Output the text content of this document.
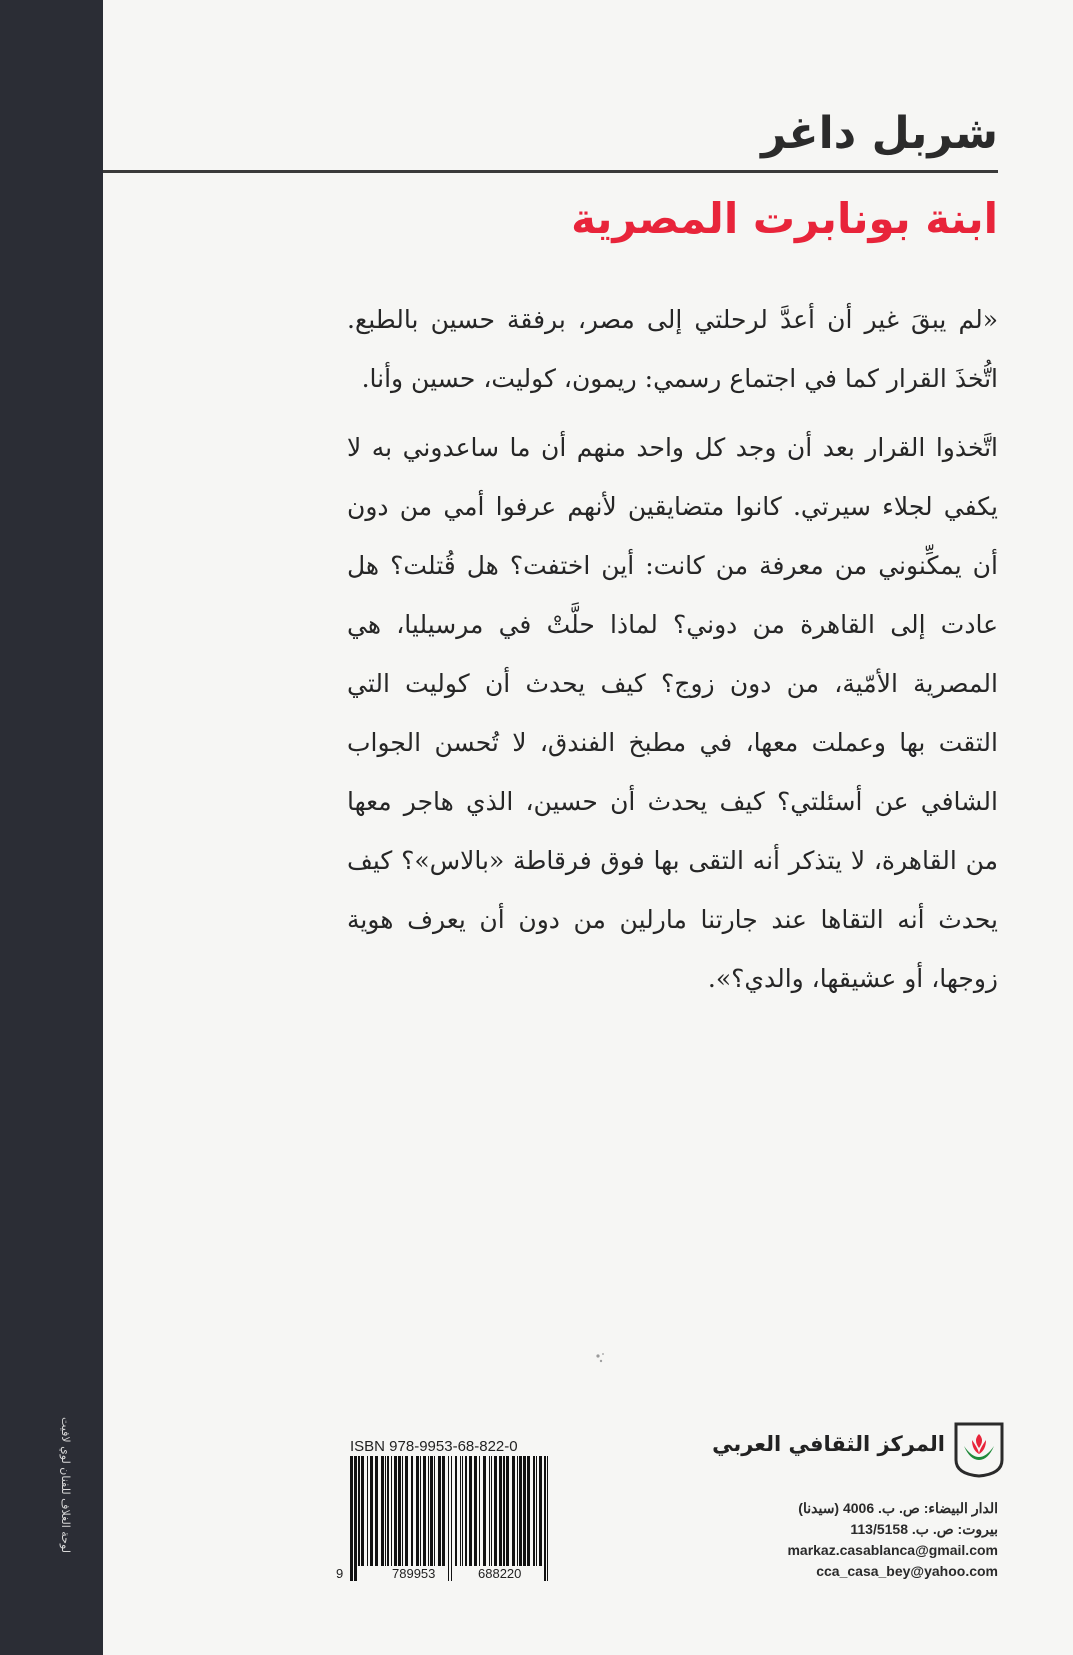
لوحة الغلاف للفنان لوي لافيت
شربل داغر
ابنة بونابرت المصرية

«لم يبقَ غير أن أعدَّ لرحلتي إلى مصر، برفقة حسين بالطبع. اتُّخذَ القرار كما في اجتماع رسمي: ريمون، كوليت، حسين وأنا.

اتَّخذوا القرار بعد أن وجد كل واحد منهم أن ما ساعدوني به لا يكفي لجلاء سيرتي. كانوا متضايقين لأنهم عرفوا أمي من دون أن يمكِّنوني من معرفة من كانت: أين اختفت؟ هل قُتلت؟ هل عادت إلى القاهرة من دوني؟ لماذا حلَّتْ في مرسيليا، هي المصرية الأمّية، من دون زوج؟ كيف يحدث أن كوليت التي التقت بها وعملت معها، في مطبخ الفندق، لا تُحسن الجواب الشافي عن أسئلتي؟ كيف يحدث أن حسين، الذي هاجر معها من القاهرة، لا يتذكر أنه التقى بها فوق فرقاطة «بالاس»؟ كيف يحدث أنه التقاها عند جارتنا مارلين من دون أن يعرف هوية زوجها، أو عشيقها، والدي؟».

ISBN 978-9953-68-822-0
9	789953	688220
المركز الثقافي العربي
الدار البيضاء: ص. ب. 4006 (سيدنا)
بيروت: ص. ب. 113/5158
markaz.casablanca@gmail.com
cca_casa_bey@yahoo.com
